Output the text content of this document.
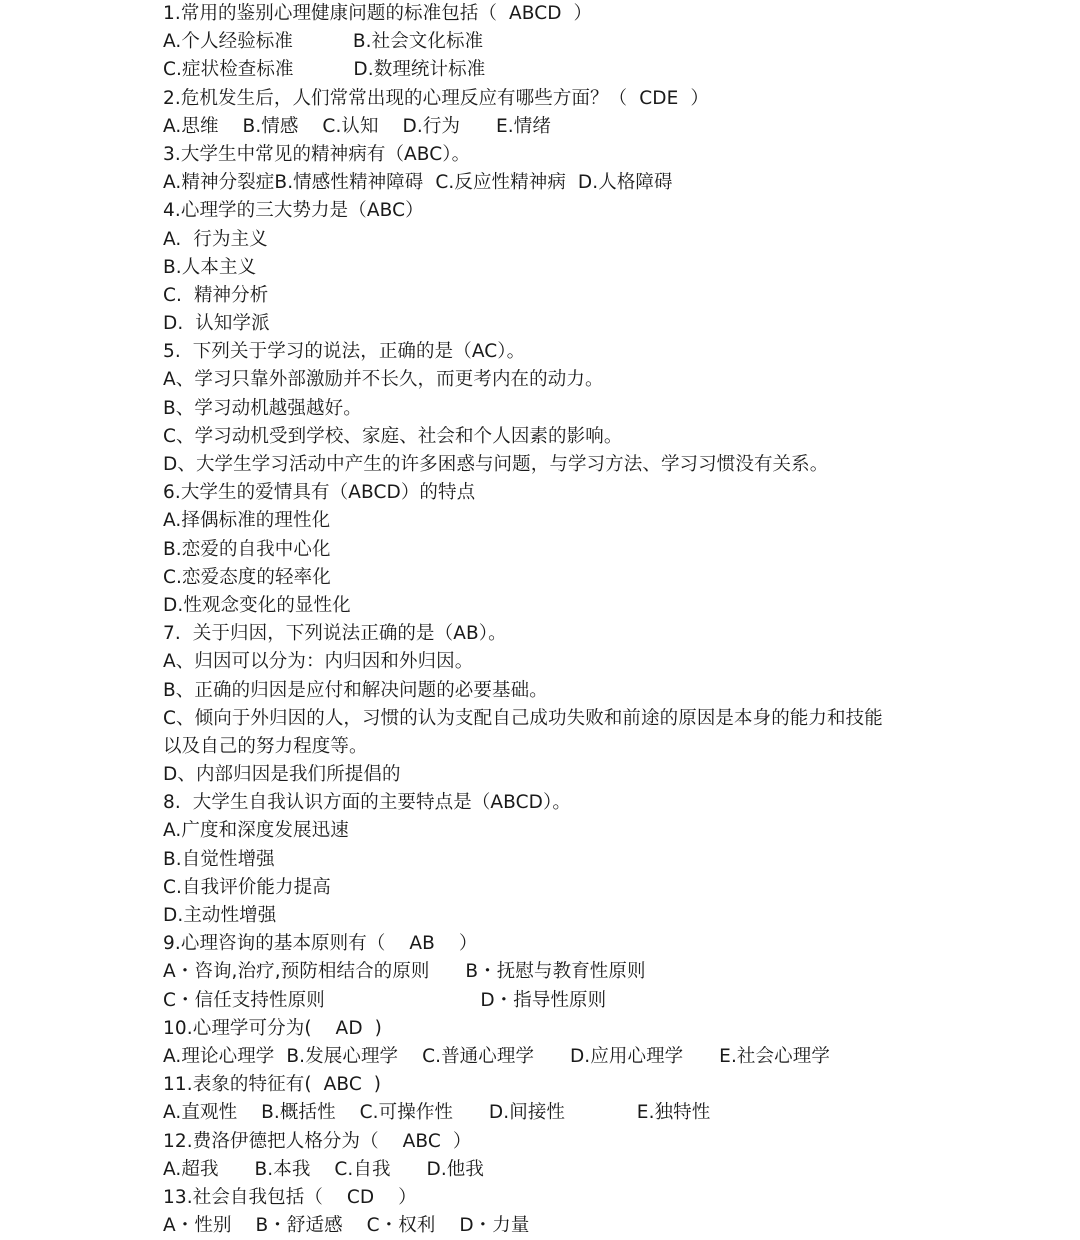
1.常用的鉴别心理健康问题的标准包括（  ABCD  ）
A.个人经验标准          B.社会文化标准
C.症状检查标准          D.数理统计标准
2.危机发生后，人们常常出现的心理反应有哪些方面？（  CDE  ）
A.思维    B.情感    C.认知    D.行为      E.情绪
3.大学生中常见的精神病有（ABC）。
A.精神分裂症B.情感性精神障碍  C.反应性精神病  D.人格障碍
4.心理学的三大势力是（ABC）
A.  行为主义
B.人本主义
C.  精神分析
D.  认知学派
5.  下列关于学习的说法，正确的是（AC）。
A、学习只靠外部激励并不长久，而更考内在的动力。
B、学习动机越强越好。
C、学习动机受到学校、家庭、社会和个人因素的影响。
D、大学生学习活动中产生的许多困惑与问题，与学习方法、学习习惯没有关系。
6.大学生的爱情具有（ABCD）的特点
A.择偶标准的理性化
B.恋爱的自我中心化
C.恋爱态度的轻率化
D.性观念变化的显性化
7.  关于归因，下列说法正确的是（AB）。
A、归因可以分为：内归因和外归因。
B、正确的归因是应付和解决问题的必要基础。
C、倾向于外归因的人，习惯的认为支配自己成功失败和前途的原因是本身的能力和技能
以及自己的努力程度等。
D、内部归因是我们所提倡的
8.  大学生自我认识方面的主要特点是（ABCD）。
A.广度和深度发展迅速
B.自觉性增强
C.自我评价能力提高
D.主动性增强
9.心理咨询的基本原则有（    AB    ）
A・咨询,治疗,预防相结合的原则      B・抚慰与教育性原则
C・信任支持性原则                          D・指导性原则
10.心理学可分为(    AD  )
A.理论心理学  B.发展心理学    C.普通心理学      D.应用心理学      E.社会心理学
11.表象的特征有(  ABC  )
A.直观性    B.概括性    C.可操作性      D.间接性            E.独特性
12.费洛伊德把人格分为（    ABC  ）
A.超我      B.本我    C.自我      D.他我
13.社会自我包括（    CD    ）
A・性别    B・舒适感    C・权利    D・力量
